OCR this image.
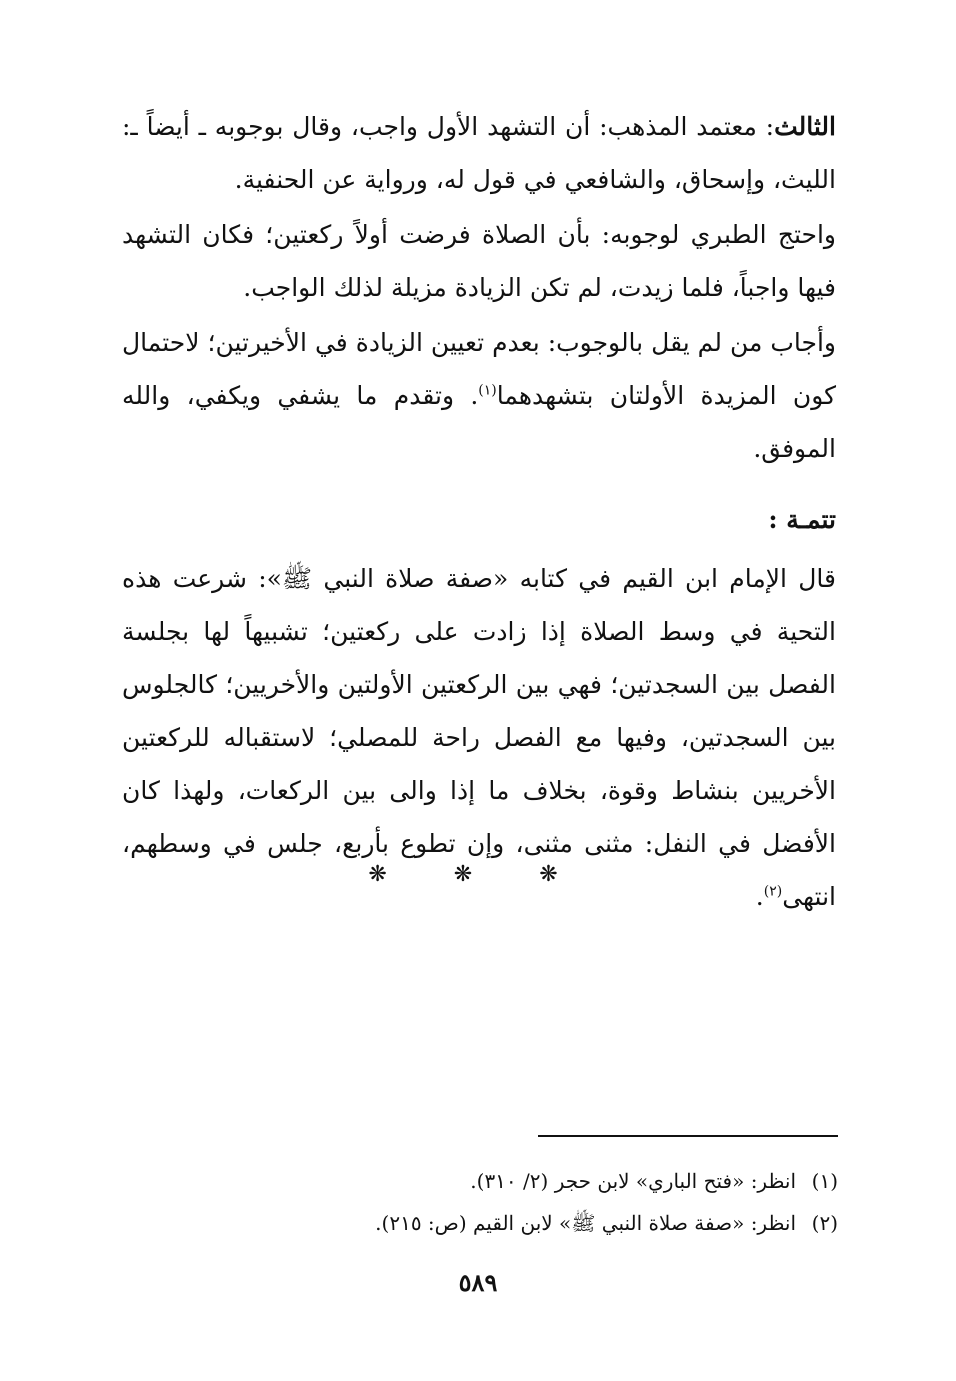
الثالث: معتمد المذهب: أن التشهد الأول واجب، وقال بوجوبه ـ أيضاً ـ: الليث، وإسحاق، والشافعي في قول له، ورواية عن الحنفية.

واحتج الطبري لوجوبه: بأن الصلاة فرضت أولاً ركعتين؛ فكان التشهد فيها واجباً، فلما زيدت، لم تكن الزيادة مزيلة لذلك الواجب.

وأجاب من لم يقل بالوجوب: بعدم تعيين الزيادة في الأخيرتين؛ لاحتمال كون المزيدة الأولتان بتشهدهما$^{(١)}$. وتقدم ما يشفي ويكفي، والله الموفق.

تتمـة :

قال الإمام ابن القيم في كتابه «صفة صلاة النبي ﷺ»: شرعت هذه التحية في وسط الصلاة إذا زادت على ركعتين؛ تشبيهاً لها بجلسة الفصل بين السجدتين؛ فهي بين الركعتين الأولتين والأخريين؛ كالجلوس بين السجدتين، وفيها مع الفصل راحة للمصلي؛ لاستقباله للركعتين الأخريين بنشاط وقوة، بخلاف ما إذا والى بين الركعات، ولهذا كان الأفضل في النفل: مثنى مثنى، وإن تطوع بأربع، جلس في وسطهم، انتهى$^{(٢)}$.

❋ ❋ ❋

(١)انظر: «فتح الباري» لابن حجر (٢/ ٣١٠).
(٢)انظر: «صفة صلاة النبي ﷺ» لابن القيم (ص: ٢١٥).

٥٨٩
